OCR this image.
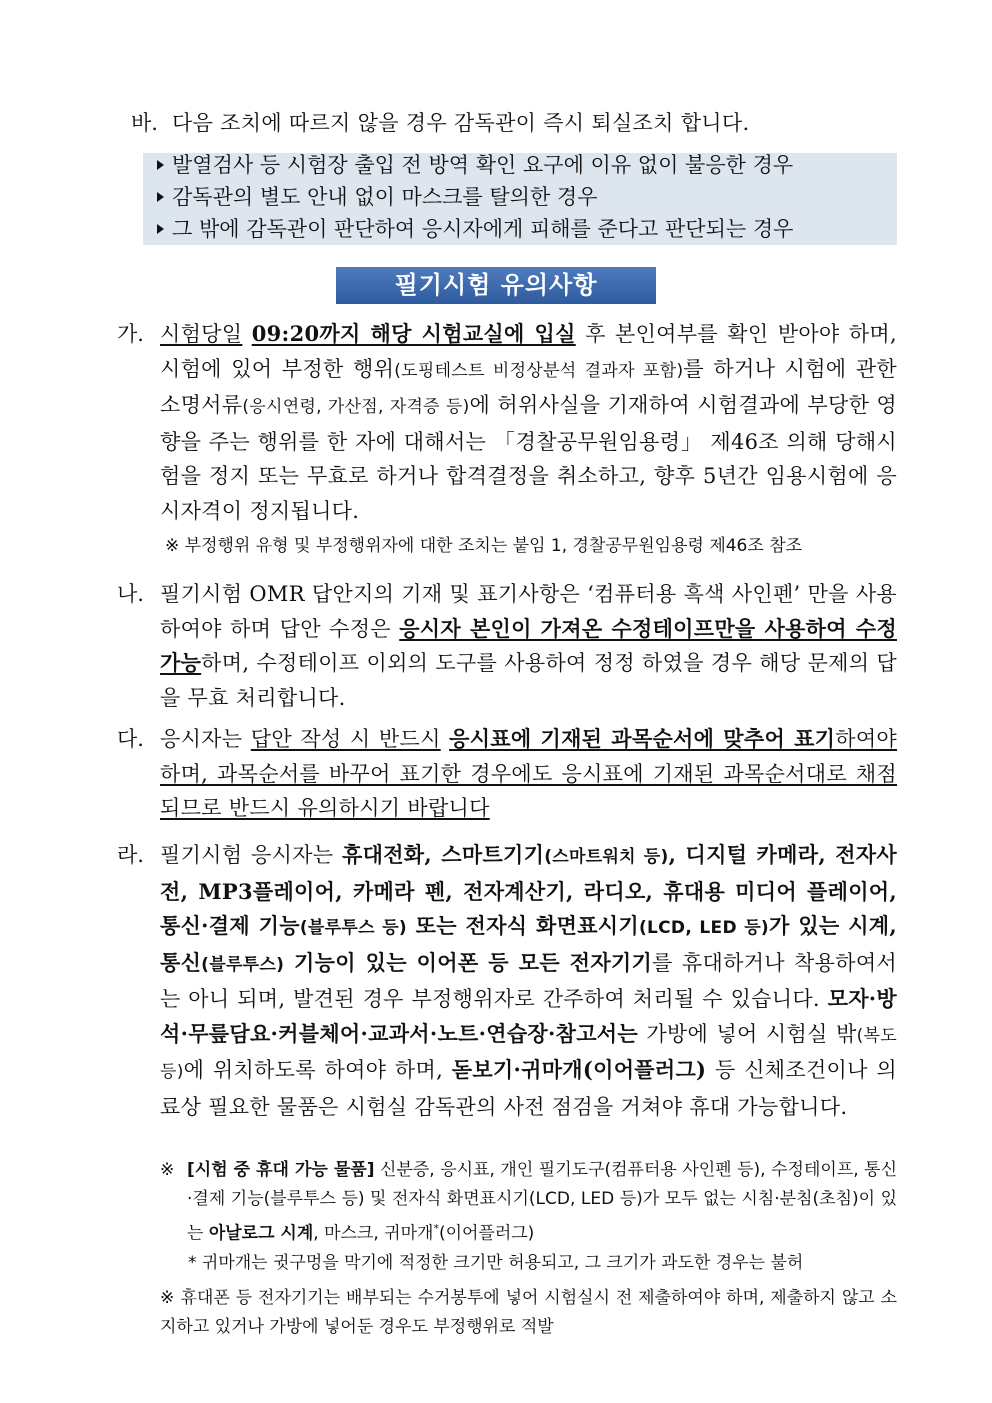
바. 다음 조치에 따르지 않을 경우 감독관이 즉시 퇴실조치 합니다.
발열검사 등 시험장 출입 전 방역 확인 요구에 이유 없이 불응한 경우
감독관의 별도 안내 없이 마스크를 탈의한 경우
그 밖에 감독관이 판단하여 응시자에게 피해를 준다고 판단되는 경우
필기시험 유의사항
가. 시험당일 09:20까지 해당 시험교실에 입실 후 본인여부를 확인 받아야 하며, 시험에 있어 부정한 행위(도핑테스트 비정상분석 결과자 포함)를 하거나 시험에 관한 소명서류(응시연령, 가산점, 자격증 등)에 허위사실을 기재하여 시험결과에 부당한 영향을 주는 행위를 한 자에 대해서는 「경찰공무원임용령」 제46조 의해 당해시험을 정지 또는 무효로 하거나 합격결정을 취소하고, 향후 5년간 임용시험에 응시자격이 정지됩니다.
※ 부정행위 유형 및 부정행위자에 대한 조치는 붙임 1, 경찰공무원임용령 제46조 참조
나. 필기시험 OMR 답안지의 기재 및 표기사항은 ‘컴퓨터용 흑색 사인펜’ 만을 사용하여야 하며 답안 수정은 응시자 본인이 가져온 수정테이프만을 사용하여 수정 가능하며, 수정테이프 이외의 도구를 사용하여 정정 하였을 경우 해당 문제의 답을 무효 처리합니다.
다. 응시자는 답안 작성 시 반드시 응시표에 기재된 과목순서에 맞추어 표기하여야 하며, 과목순서를 바꾸어 표기한 경우에도 응시표에 기재된 과목순서대로 채점되므로 반드시 유의하시기 바랍니다
라. 필기시험 응시자는 휴대전화, 스마트기기(스마트워치 등), 디지털 카메라, 전자사전, MP3플레이어, 카메라 펜, 전자계산기, 라디오, 휴대용 미디어 플레이어, 통신·결제 기능(블루투스 등) 또는 전자식 화면표시기(LCD, LED 등)가 있는 시계, 통신(블루투스) 기능이 있는 이어폰 등 모든 전자기기를 휴대하거나 착용하여서는 아니 되며, 발견된 경우 부정행위자로 간주하여 처리될 수 있습니다. 모자·방석·무릎담요·커블체어·교과서·노트·연습장·참고서는 가방에 넣어 시험실 밖(복도 등)에 위치하도록 하여야 하며, 돋보기·귀마개(이어플러그) 등 신체조건이나 의료상 필요한 물품은 시험실 감독관의 사전 점검을 거쳐야 휴대 가능합니다.
※ [시험 중 휴대 가능 물품] 신분증, 응시표, 개인 필기도구(컴퓨터용 사인펜 등), 수정테이프, 통신·결제 기능(블루투스 등) 및 전자식 화면표시기(LCD, LED 등)가 모두 없는 시침·분침(초침)이 있는 아날로그 시계, 마스크, 귀마개*(이어플러그)
* 귀마개는 귓구멍을 막기에 적정한 크기만 허용되고, 그 크기가 과도한 경우는 불허
※ 휴대폰 등 전자기기는 배부되는 수거봉투에 넣어 시험실시 전 제출하여야 하며, 제출하지 않고 소지하고 있거나 가방에 넣어둔 경우도 부정행위로 적발
